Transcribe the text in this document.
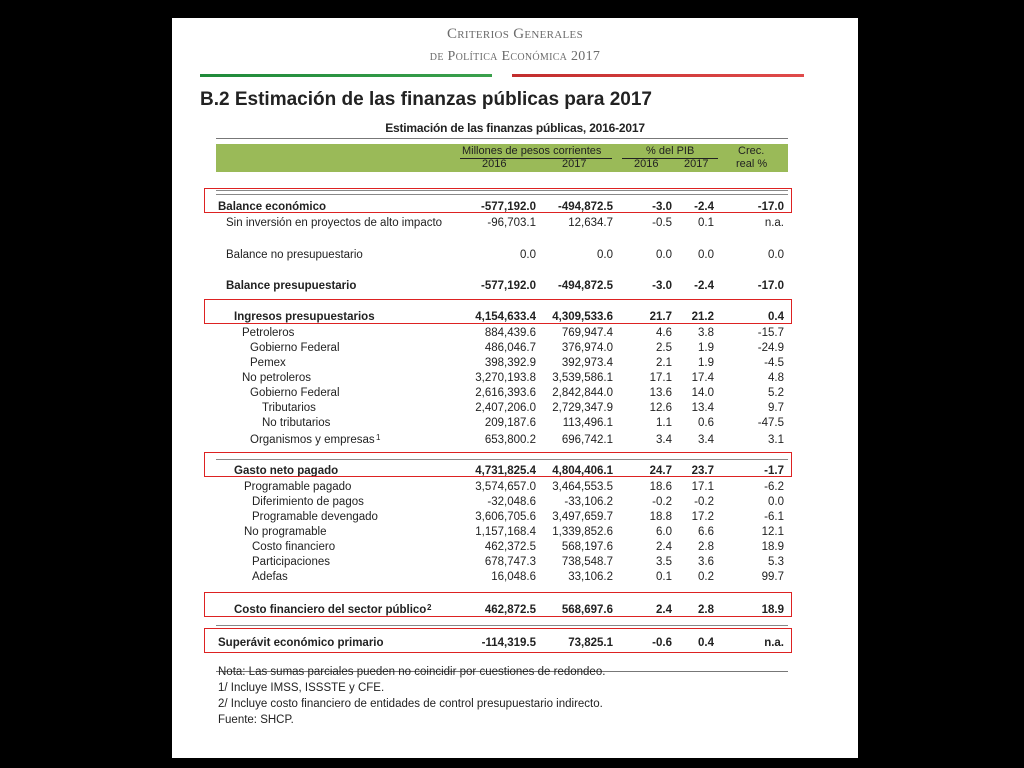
Criterios Generales
de Política Económica 2017
B.2 Estimación de las finanzas públicas para 2017
Estimación de las finanzas públicas, 2016-2017
Millones de pesos corrientes	% del PIB	Crec.
2016	2017	2016 2017	real %
Balance económico	-577,192.0 -494,872.5	-3.0 -2.4	-17.0
Sin inversión en proyectos de alto impacto	-96,703.1	12,634.7	-0.5 0.1	n.a.
Balance no presupuestario	0.0	0.0	0.0 0.0	0.0
Balance presupuestario	-577,192.0 -494,872.5	-3.0 -2.4	-17.0
Ingresos presupuestarios	4,154,633.4 4,309,533.6	21.7 21.2	0.4
Petroleros	884,439.6 769,947.4	4.6 3.8	-15.7
Gobierno Federal	486,046.7 376,974.0	2.5 1.9	-24.9
Pemex	398,392.9 392,973.4	2.1 1.9	-4.5
No petroleros	3,270,193.8 3,539,586.1	17.1 17.4	4.8
Gobierno Federal	2,616,393.6 2,842,844.0	13.6 14.0	5.2
Tributarios	2,407,206.0 2,729,347.9	12.6 13.4	9.7
No tributarios	209,187.6 113,496.1	1.1 0.6	-47.5
Organismos y empresas 1	653,800.2 696,742.1	3.4 3.4	3.1
Gasto neto pagado	4,731,825.4 4,804,406.1	24.7 23.7	-1.7
Programable pagado	3,574,657.0 3,464,553.5	18.6 17.1	-6.2
Diferimiento de pagos	-32,048.6 -33,106.2	-0.2 -0.2	0.0
Programable devengado	3,606,705.6 3,497,659.7	18.8 17.2	-6.1
No programable	1,157,168.4 1,339,852.6	6.0 6.6	12.1
Costo financiero	462,372.5 568,197.6	2.4 2.8	18.9
Participaciones	678,747.3 738,548.7	3.5 3.6	5.3
Adefas	16,048.6	33,106.2	0.1 0.2	99.7
Costo financiero del sector público 2	462,872.5 568,697.6	2.4 2.8	18.9
Superávit económico primario	-114,319.5	73,825.1	-0.6 0.4	n.a.
Nota: Las sumas parciales pueden no coincidir por cuestiones de redondeo.
1/ Incluye IMSS, ISSSTE y CFE.
2/ Incluye costo financiero de entidades de control presupuestario indirecto.
Fuente: SHCP.
